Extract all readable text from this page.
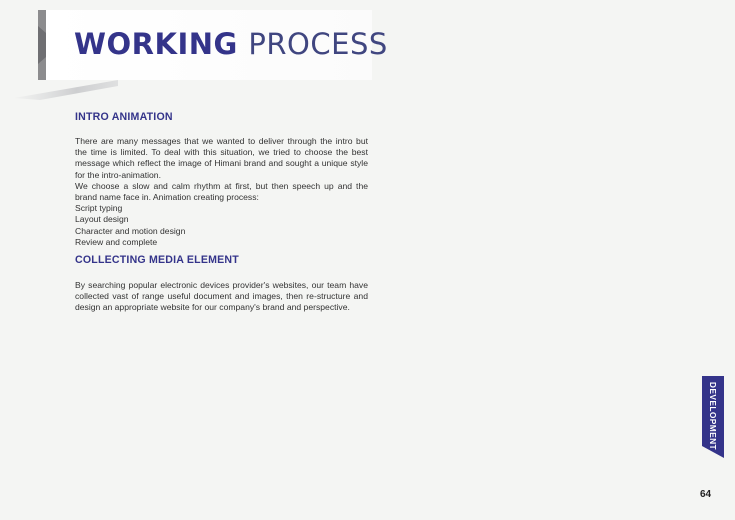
WORKING PROCESS
INTRO ANIMATION

There are many messages that we wanted to deliver through the intro but the time is limited. To deal with this situation, we tried to choose the best message which reflect the image of Himani brand and sought a unique style for the intro-animation.

We choose a slow and calm rhythm at first, but then speech up and the brand name face in. Animation creating process:

Script typing

Layout design

Character and motion design

Review and complete

COLLECTING MEDIA ELEMENT

By searching popular electronic devices provider's websites, our team have collected vast of range useful document and images, then re-structure and design an appropriate website for our company's brand and perspective.

DEVELOPMENT
64
